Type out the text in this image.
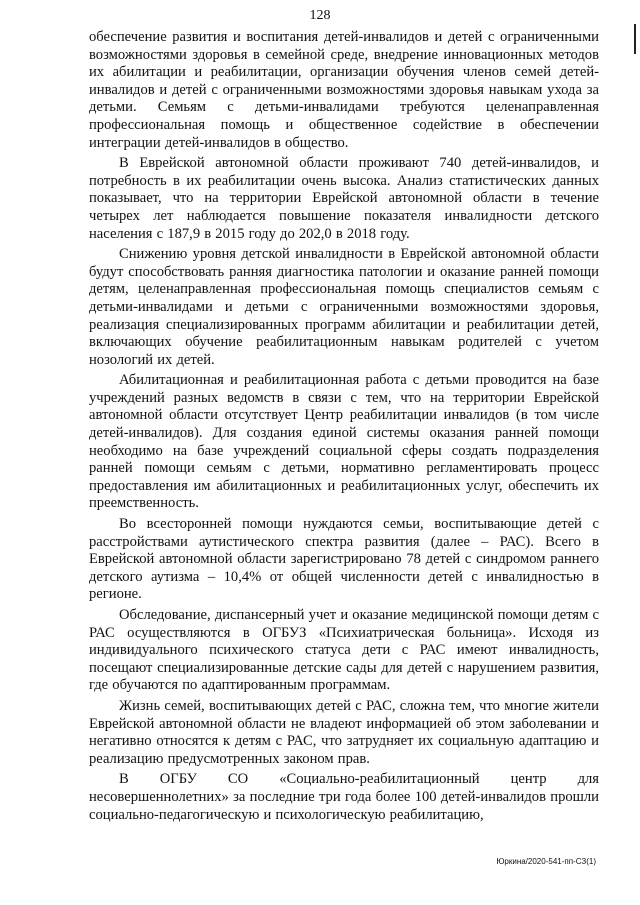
128

обеспечение развития и воспитания детей-инвалидов и детей с ограниченными возможностями здоровья в семейной среде, внедрение инновационных методов их абилитации и реабилитации, организации обучения членов семей детей-инвалидов и детей с ограниченными возможностями здоровья навыкам ухода за детьми. Семьям с детьми-инвалидами требуются целенаправленная профессиональная помощь и общественное содействие в обеспечении интеграции детей-инвалидов в общество.

В Еврейской автономной области проживают 740 детей-инвалидов, и потребность в их реабилитации очень высока. Анализ статистических данных показывает, что на территории Еврейской автономной области в течение четырех лет наблюдается повышение показателя инвалидности детского населения с 187,9 в 2015 году до 202,0 в 2018 году.

Снижению уровня детской инвалидности в Еврейской автономной области будут способствовать ранняя диагностика патологии и оказание ранней помощи детям, целенаправленная профессиональная помощь специалистов семьям с детьми-инвалидами и детьми с ограниченными возможностями здоровья, реализация специализированных программ абилитации и реабилитации детей, включающих обучение реабилитационным навыкам родителей с учетом нозологий их детей.

Абилитационная и реабилитационная работа с детьми проводится на базе учреждений разных ведомств в связи с тем, что на территории Еврейской автономной области отсутствует Центр реабилитации инвалидов (в том числе детей-инвалидов). Для создания единой системы оказания ранней помощи необходимо на базе учреждений социальной сферы создать подразделения ранней помощи семьям с детьми, нормативно регламентировать процесс предоставления им абилитационных и реабилитационных услуг, обеспечить их преемственность.

Во всесторонней помощи нуждаются семьи, воспитывающие детей с расстройствами аутистического спектра развития (далее – РАС). Всего в Еврейской автономной области зарегистрировано 78 детей с синдромом раннего детского аутизма – 10,4% от общей численности детей с инвалидностью в регионе.

Обследование, диспансерный учет и оказание медицинской помощи детям с РАС осуществляются в ОГБУЗ «Психиатрическая больница». Исходя из индивидуального психического статуса дети с РАС имеют инвалидность, посещают специализированные детские сады для детей с нарушением развития, где обучаются по адаптированным программам.

Жизнь семей, воспитывающих детей с РАС, сложна тем, что многие жители Еврейской автономной области не владеют информацией об этом заболевании и негативно относятся к детям с РАС, что затрудняет их социальную адаптацию и реализацию предусмотренных законом прав.

В ОГБУ СО «Социально-реабилитационный центр для несовершеннолетних» за последние три года более 100 детей-инвалидов прошли социально-педагогическую и психологическую реабилитацию,

Юркина/2020-541-пп-СЗ(1)
